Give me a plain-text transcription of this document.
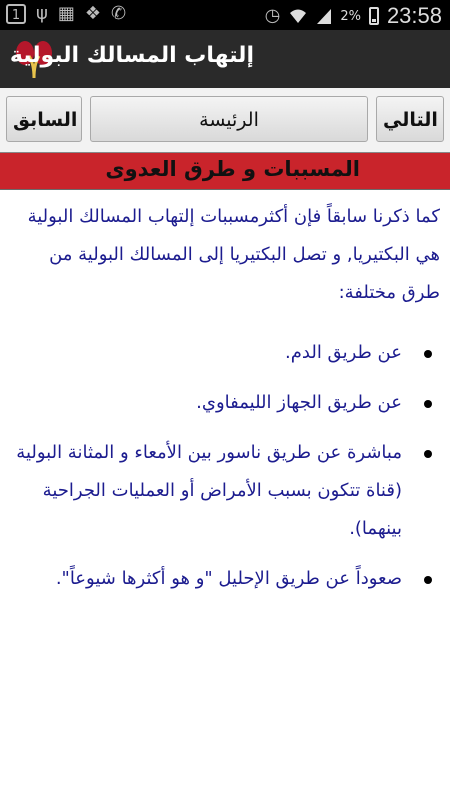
1 ψ ▦ ❖ ✆	◷	2% 23:58
إلتهاب المسالك البولية
السابق	الرئيسة	التالي
المسببات و طرق العدوى

كما ذكرنا سابقاً فإن أكثرمسببات إلتهاب المسالك البولية هي البكتيريا, و تصل البكتيريا إلى المسالك البولية من طرق مختلفة:

عن طريق الدم.
عن طريق الجهاز الليمفاوي.
مباشرة عن طريق ناسور بين الأمعاء و المثانة البولية (قناة تتكون بسبب الأمراض أو العمليات الجراحية بينهما).
صعوداً عن طريق الإحليل "و هو أكثرها شيوعاً".
